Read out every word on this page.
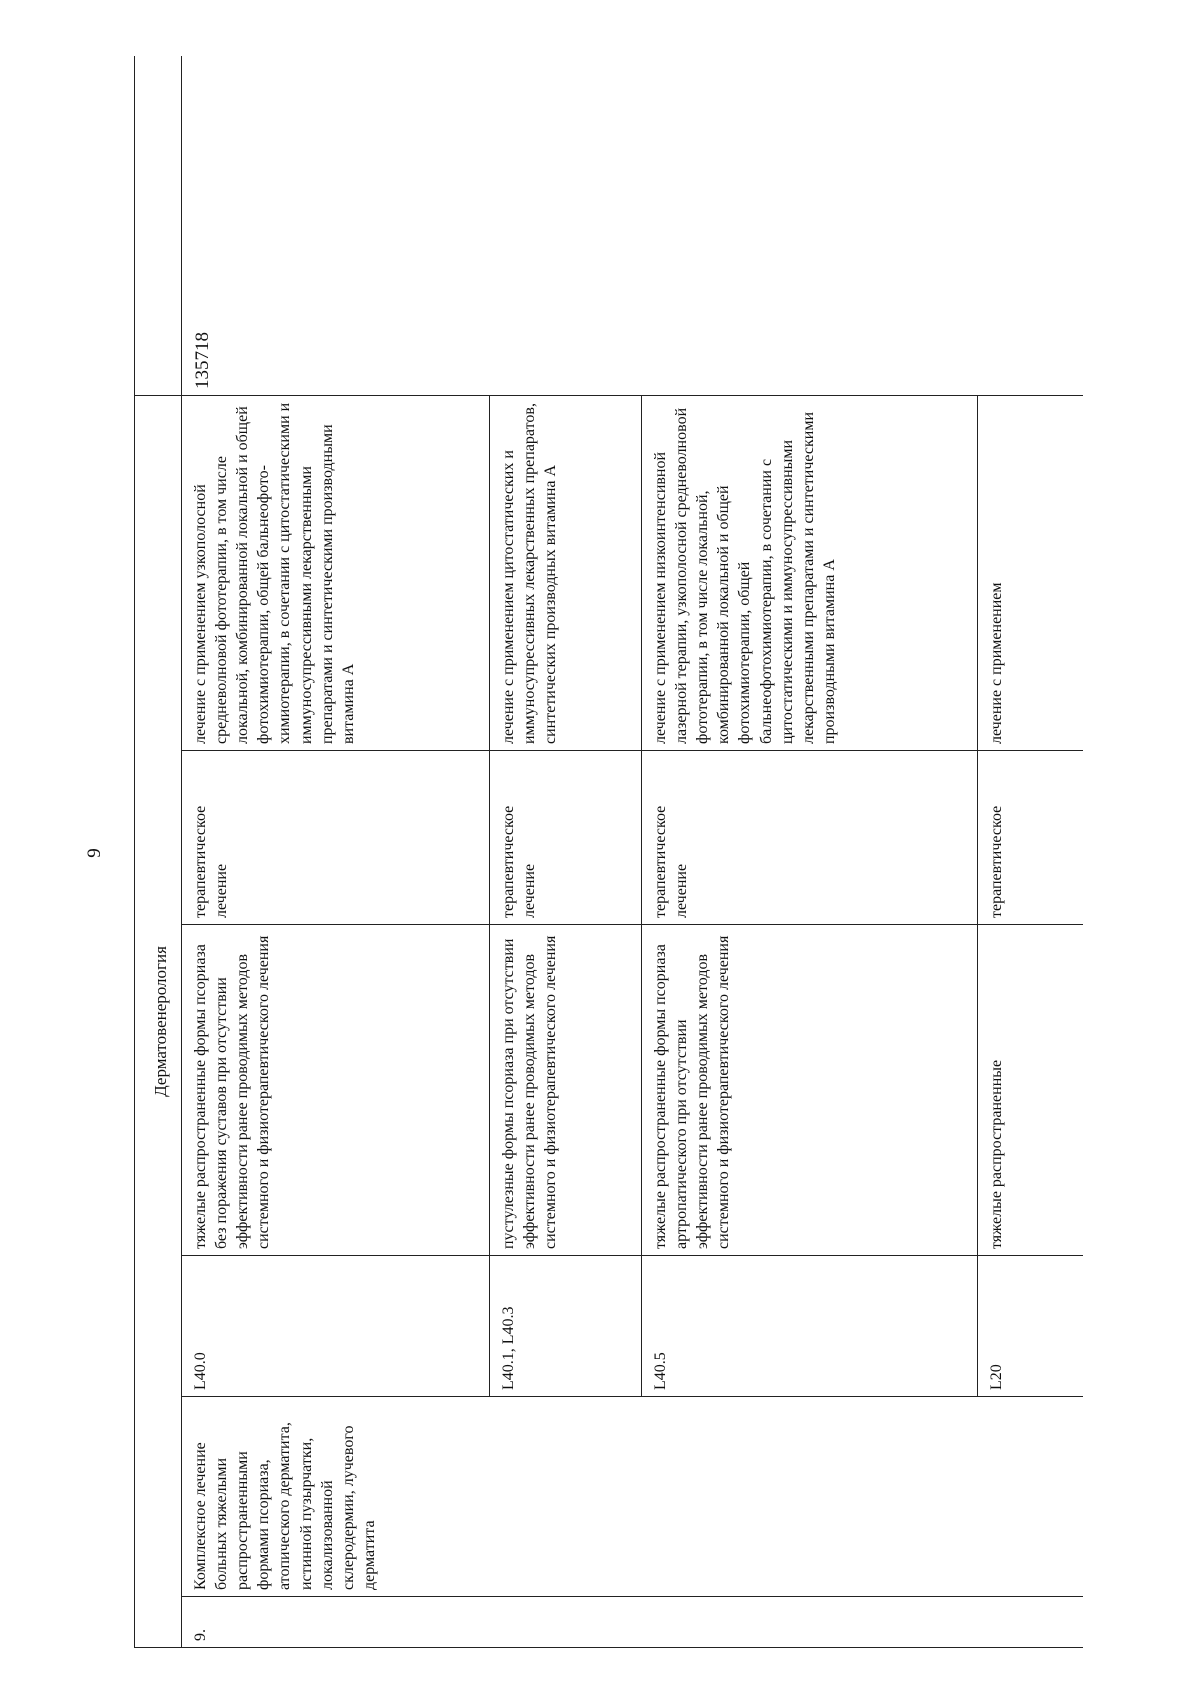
9
Дерматовенерология						
9.	Комплексное лечение больных тяжелыми распространенными формами псориаза, атопического дерматита, истинной пузырчатки, локализованной склеродермии, лучевого дерматита	L40.0	тяжелые распространенные формы псориаза без поражения суставов при отсутствии эффективности ранее проводимых методов системного и физиотерапевтического лечения	терапевтическое лечение	лечение с применением узкополосной средневолновой фототерапии, в том числе локальной, комбинированной локальной и общей фотохимиотерапии, общей бальнеофото-химиотерапии, в сочетании с цитостатическими и иммуносупрессивными лекарственными препаратами и синтетическими производными витамина А	135718
		L40.1, L40.3	пустулезные формы псориаза при отсутствии эффективности ранее проводимых методов системного и физиотерапевтического лечения	терапевтическое лечение	лечение с применением цитостатических и иммуносупрессивных лекарственных препаратов, синтетических производных витамина А	
		L40.5	тяжелые распространенные формы псориаза артропатического при отсутствии эффективности ранее проводимых методов системного и физиотерапевтического лечения	терапевтическое лечение	лечение с применением низкоинтенсивной лазерной терапии, узкополосной средневолновой фототерапии, в том числе локальной, комбинированной локальной и общей фотохимиотерапии, общей бальнеофотохимиотерапии, в сочетании с цитостатическими и иммуносупрессивными лекарственными препаратами и синтетическими производными витамина А	
		L20	тяжелые распространенные	терапевтическое	лечение с применением	
